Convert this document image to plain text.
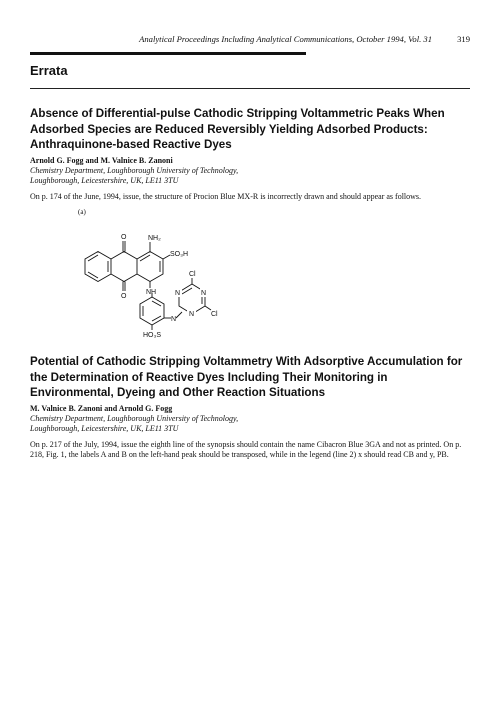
Analytical Proceedings Including Analytical Communications, October 1994, Vol. 31	319
Errata
Absence of Differential-pulse Cathodic Stripping Voltammetric Peaks When Adsorbed Species are Reduced Reversibly Yielding Adsorbed Products: Anthraquinone-based Reactive Dyes
Arnold G. Fogg and M. Valnice B. Zanoni
Chemistry Department, Loughborough University of Technology,
Loughborough, Leicestershire, UK, LE11 3TU
On p. 174 of the June, 1994, issue, the structure of Procion Blue MX-R is incorrectly drawn and should appear as follows.
(a)
O	NH₂
SO₃H
O
NH
Cl
N	N
N
N
Cl
HO₃S
Potential of Cathodic Stripping Voltammetry With Adsorptive Accumulation for the Determination of Reactive Dyes Including Their Monitoring in Environmental, Dyeing and Other Reaction Situations
M. Valnice B. Zanoni and Arnold G. Fogg
Chemistry Department, Loughborough University of Technology,
Loughborough, Leicestershire, UK, LE11 3TU
On p. 217 of the July, 1994, issue the eighth line of the synopsis should contain the name Cibacron Blue 3GA and not as printed. On p. 218, Fig. 1, the labels A and B on the left-hand peak should be transposed, while in the legend (line 2) x should read CB and y, PB.
